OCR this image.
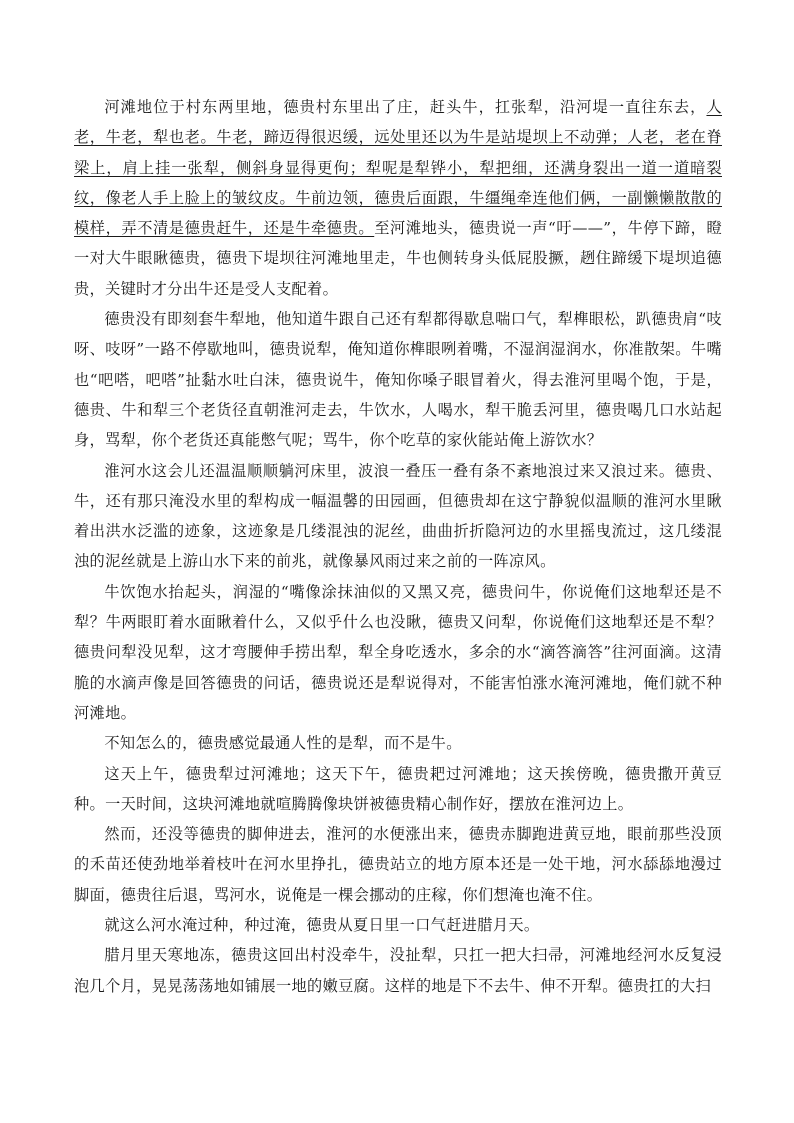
河滩地位于村东两里地，德贵村东里出了庄，赶头牛，扛张犁，沿河堤一直往东去，人老，牛老，犁也老。牛老，蹄迈得很迟缓，远处里还以为牛是站堤坝上不动弹；人老，老在脊梁上，肩上挂一张犁，侧斜身显得更佝；犁呢是犁铧小，犁把细，还满身裂出一道一道暗裂纹，像老人手上脸上的皱纹皮。牛前边领，德贵后面跟，牛缰绳牵连他们俩，一副懒懒散散的模样，弄不清是德贵赶牛，还是牛牵德贵。至河滩地头，德贵说一声“吁——”，牛停下蹄，瞪一对大牛眼瞅德贵，德贵下堤坝往河滩地里走，牛也侧转身头低屁股撅，趔住蹄缓下堤坝追德贵，关键时才分出牛还是受人支配着。

德贵没有即刻套牛犁地，他知道牛跟自己还有犁都得歇息喘口气，犁榫眼松，趴德贵肩“吱呀、吱呀”一路不停歇地叫，德贵说犁，俺知道你榫眼咧着嘴，不湿润湿润水，你准散架。牛嘴也“吧嗒，吧嗒”扯黏水吐白沫，德贵说牛，俺知你嗓子眼冒着火，得去淮河里喝个饱，于是，德贵、牛和犁三个老货径直朝淮河走去，牛饮水，人喝水，犁干脆丢河里，德贵喝几口水站起身，骂犁，你个老货还真能憋气呢；骂牛，你个吃草的家伙能站俺上游饮水？

淮河水这会儿还温温顺顺躺河床里，波浪一叠压一叠有条不紊地浪过来又浪过来。德贵、牛，还有那只淹没水里的犁构成一幅温馨的田园画，但德贵却在这宁静貌似温顺的淮河水里瞅着出洪水泛滥的迹象，这迹象是几缕混浊的泥丝，曲曲折折隐河边的水里摇曳流过，这几缕混浊的泥丝就是上游山水下来的前兆，就像暴风雨过来之前的一阵凉风。

牛饮饱水抬起头，润湿的“嘴像涂抹油似的又黑又亮，德贵问牛，你说俺们这地犁还是不犁？牛两眼盯着水面瞅着什么，又似乎什么也没瞅，德贵又问犁，你说俺们这地犁还是不犁？德贵问犁没见犁，这才弯腰伸手捞出犁，犁全身吃透水，多余的水“滴答滴答”往河面滴。这清脆的水滴声像是回答德贵的问话，德贵说还是犁说得对，不能害怕涨水淹河滩地，俺们就不种河滩地。

不知怎么的，德贵感觉最通人性的是犁，而不是牛。

这天上午，德贵犁过河滩地；这天下午，德贵耙过河滩地；这天挨傍晚，德贵撒开黄豆种。一天时间，这块河滩地就喧腾腾像块饼被德贵精心制作好，摆放在淮河边上。

然而，还没等德贵的脚伸进去，淮河的水便涨出来，德贵赤脚跑进黄豆地，眼前那些没顶的禾苗还使劲地举着枝叶在河水里挣扎，德贵站立的地方原本还是一处干地，河水舔舔地漫过脚面，德贵往后退，骂河水，说俺是一棵会挪动的庄稼，你们想淹也淹不住。

就这么河水淹过种，种过淹，德贵从夏日里一口气赶进腊月天。

腊月里天寒地冻，德贵这回出村没牵牛，没扯犁，只扛一把大扫帚，河滩地经河水反复浸泡几个月，晃晃荡荡地如铺展一地的嫩豆腐。这样的地是下不去牛、伸不开犁。德贵扛的大扫
